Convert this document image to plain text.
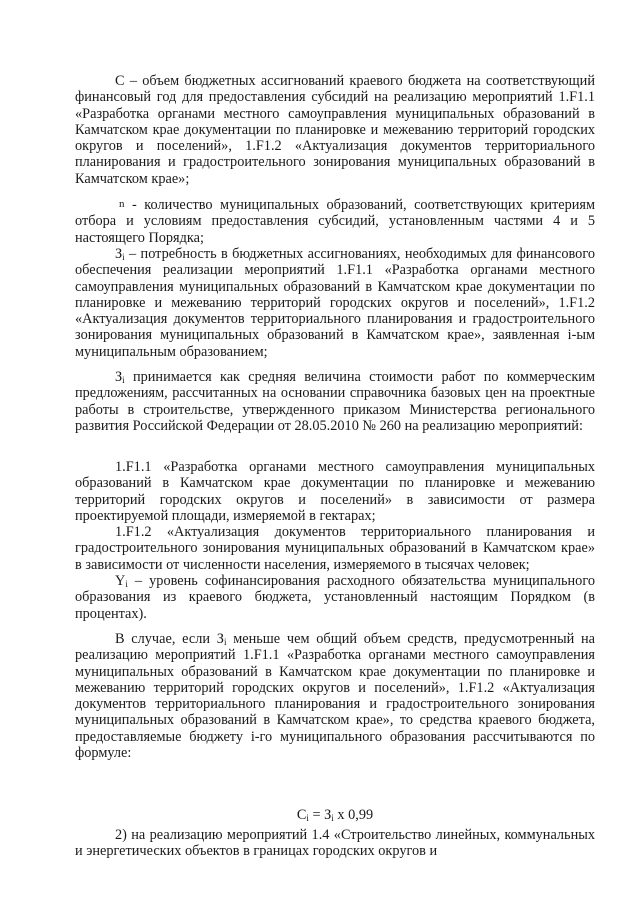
С – объем бюджетных ассигнований краевого бюджета на соответствующий финансовый год для предоставления субсидий на реализацию мероприятий 1.F1.1 «Разработка органами местного самоуправления муниципальных образований в Камчатском крае документации по планировке и межеванию территорий городских округов и поселений», 1.F1.2 «Актуализация документов территориального планирования и градостроительного зонирования муниципальных образований в Камчатском крае»;

n - количество муниципальных образований, соответствующих критериям отбора и условиям предоставления субсидий, установленным частями 4 и 5 настоящего Порядка;

$З_i$ – потребность в бюджетных ассигнованиях, необходимых для финансового обеспечения реализации мероприятий 1.F1.1 «Разработка органами местного самоуправления муниципальных образований в Камчатском крае документации по планировке и межеванию территорий городских округов и поселений», 1.F1.2 «Актуализация документов территориального планирования и градостроительного зонирования муниципальных образований в Камчатском крае», заявленная i-ым муниципальным образованием;

$З_i$ принимается как средняя величина стоимости работ по коммерческим предложениям, рассчитанных на основании справочника базовых цен на проектные работы в строительстве, утвержденного приказом Министерства регионального развития Российской Федерации от 28.05.2010 № 260 на реализацию мероприятий:

1.F1.1 «Разработка органами местного самоуправления муниципальных образований в Камчатском крае документации по планировке и межеванию территорий городских округов и поселений» в зависимости от размера проектируемой площади, измеряемой в гектарах;

1.F1.2 «Актуализация документов территориального планирования и градостроительного зонирования муниципальных образований в Камчатском крае» в зависимости от численности населения, измеряемого в тысячах человек;

$Y_i$ – уровень софинансирования расходного обязательства муниципального образования из краевого бюджета, установленный настоящим Порядком (в процентах).

В случае, если $З_i$ меньше чем общий объем средств, предусмотренный на реализацию мероприятий 1.F1.1 «Разработка органами местного самоуправления муниципальных образований в Камчатском крае документации по планировке и межеванию территорий городских округов и поселений», 1.F1.2 «Актуализация документов территориального планирования и градостроительного зонирования муниципальных образований в Камчатском крае», то средства краевого бюджета, предоставляемые бюджету i-го муниципального образования рассчитываются по формуле:

$C_i = З_i$ х 0,99

2) на реализацию мероприятий 1.4 «Строительство линейных, коммунальных и энергетических объектов в границах городских округов и
